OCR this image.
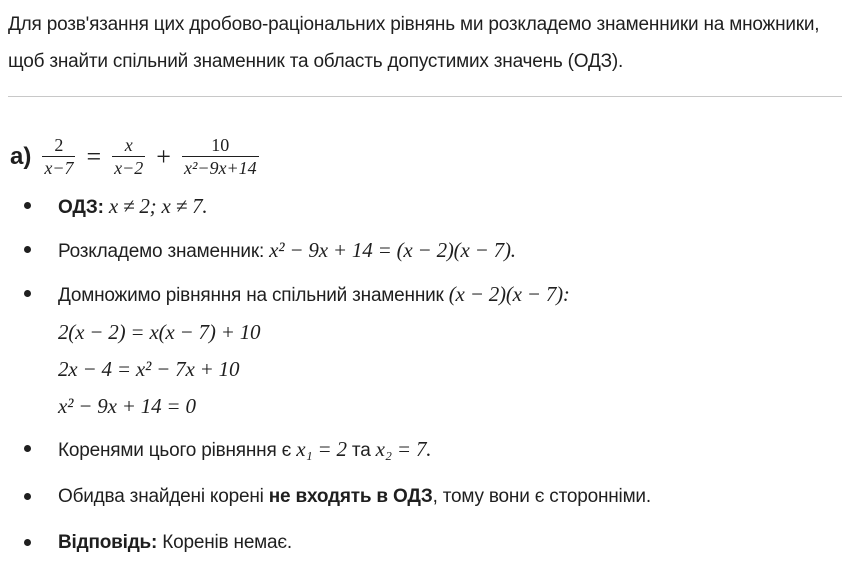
Для розв'язання цих дробово-раціональних рівнянь ми розкладемо знаменники на множники, щоб знайти спільний знаменник та область допустимих значень (ОДЗ).
$а) \frac{2}{x-7} = \frac{x}{x-2} + \frac{10}{\text{x²−9x+14}}$
ОДЗ: x ≠ 2; x ≠ 7.
Розкладемо знаменник: x² − 9x + 14 = (x − 2)(x − 7).
Домножимо рівняння на спільний знаменник (x − 2)(x − 7):
2(x − 2) = x(x − 7) + 10
2x − 4 = x² − 7x + 10
x² − 9x + 14 = 0
Коренями цього рівняння є x₁ = 2 та x₂ = 7.
Обидва знайдені корені не входять в ОДЗ, тому вони є сторонніми.
Відповідь: Коренів немає.
